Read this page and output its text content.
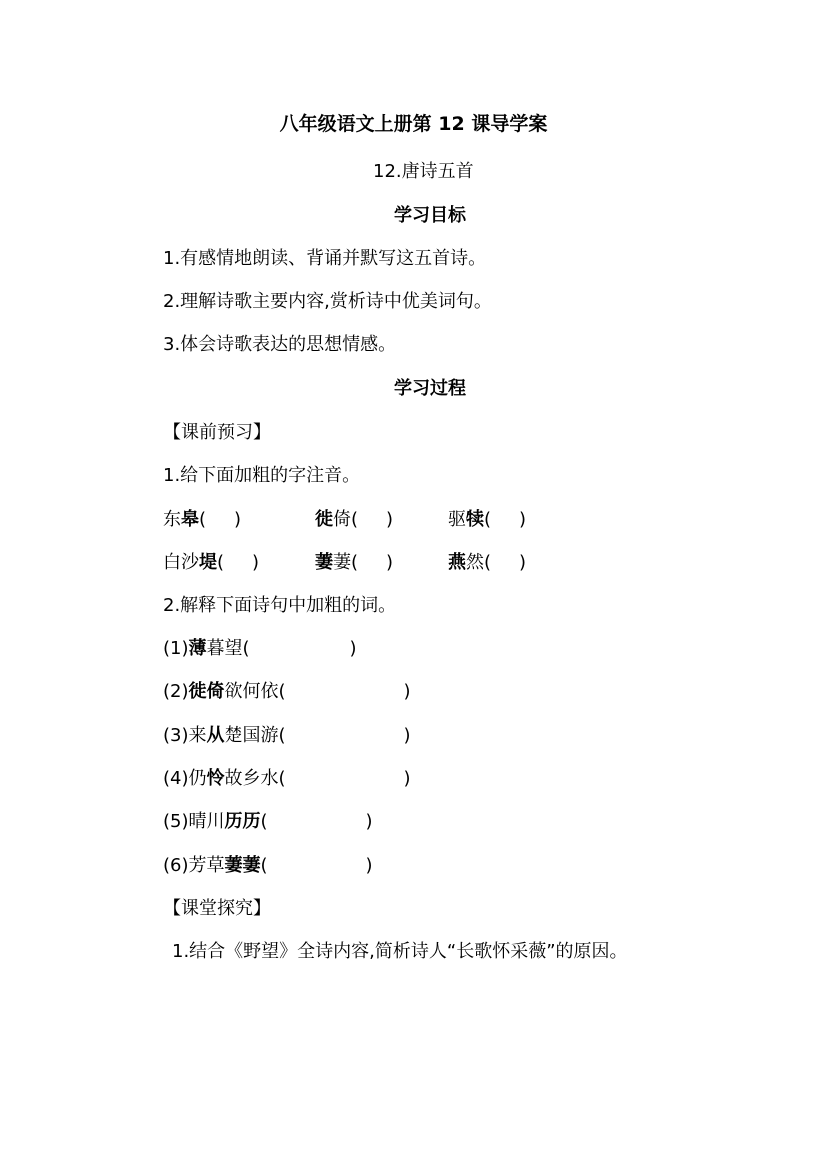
八年级语文上册第 12 课导学案
12.唐诗五首
学习目标
1.有感情地朗读、背诵并默写这五首诗。
2.理解诗歌主要内容,赏析诗中优美词句。
3.体会诗歌表达的思想情感。
学习过程
【课前预习】
1.给下面加粗的字注音。
东皋( )	徙倚( )	驱犊( )
白沙堤( )	萋萋( )	燕然( )
2.解释下面诗句中加粗的词。
(1)薄暮望(	)
(2)徙倚欲何依(	)
(3)来从楚国游(	)
(4)仍怜故乡水(	)
(5)晴川历历(	)
(6)芳草萋萋(	)
【课堂探究】
1.结合《野望》全诗内容,简析诗人“长歌怀采薇”的原因。
